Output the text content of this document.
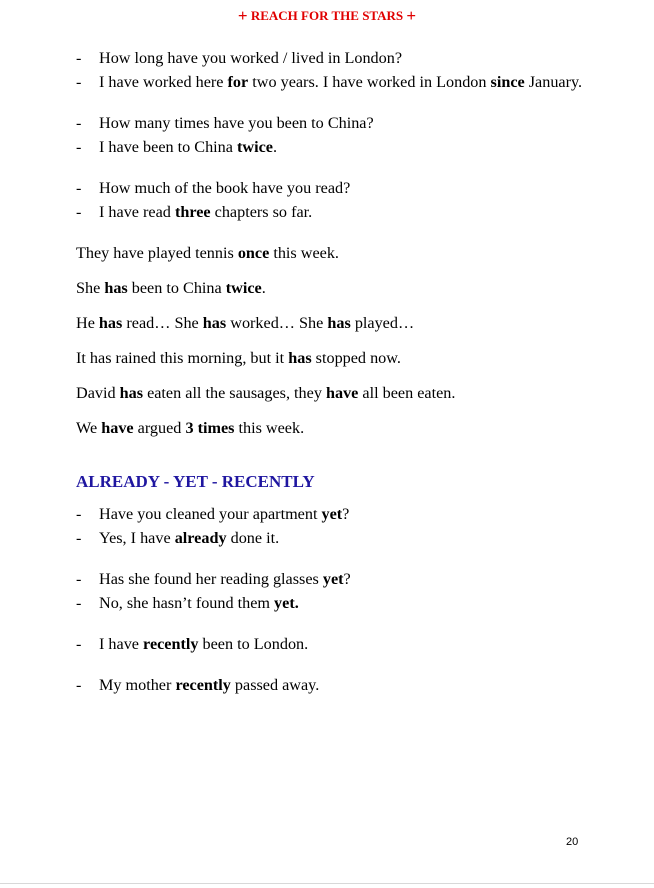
+ REACH FOR THE STARS +
-	How long have you worked / lived in London?
-	I have worked here for two years. I have worked in London since January.
-	How many times have you been to China?
-	I have been to China twice.
-	How much of the book have you read?
-	I have read three chapters so far.

They have played tennis once this week.

She has been to China twice.

He has read… She has worked… She has played…

It has rained this morning, but it has stopped now.

David has eaten all the sausages, they have all been eaten.

We have argued 3 times this week.

ALREADY - YET - RECENTLY
-	Have you cleaned your apartment yet?
-	Yes, I have already done it.
-	Has she found her reading glasses yet?
-	No, she hasn’t found them yet.
-	I have recently been to London.
-	My mother recently passed away.
20
